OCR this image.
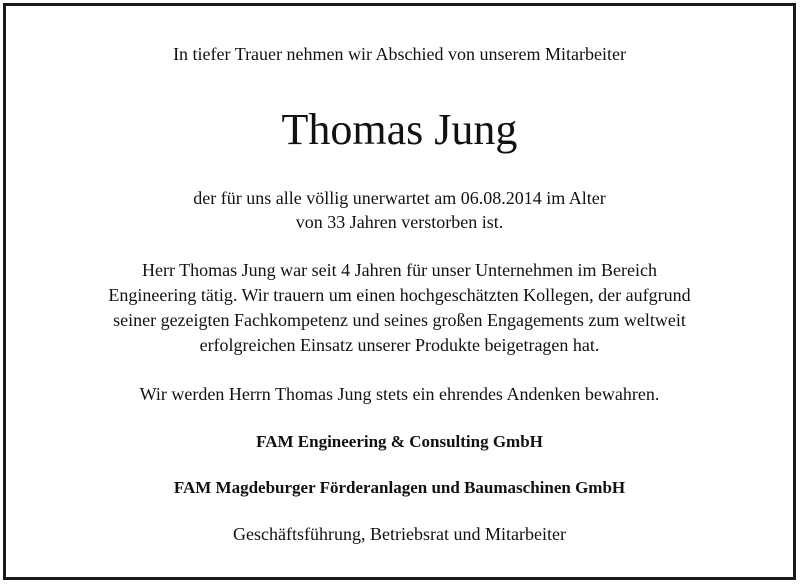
In tiefer Trauer nehmen wir Abschied von unserem Mitarbeiter

Thomas Jung

der für uns alle völlig unerwartet am 06.08.2014 im Alter
von 33 Jahren verstorben ist.

Herr Thomas Jung war seit 4 Jahren für unser Unternehmen im Bereich
Engineering tätig. Wir trauern um einen hochgeschätzten Kollegen, der aufgrund
seiner gezeigten Fachkompetenz und seines großen Engagements zum weltweit
erfolgreichen Einsatz unserer Produkte beigetragen hat.

Wir werden Herrn Thomas Jung stets ein ehrendes Andenken bewahren.

FAM Engineering & Consulting GmbH

FAM Magdeburger Förderanlagen und Baumaschinen GmbH

Geschäftsführung, Betriebsrat und Mitarbeiter
